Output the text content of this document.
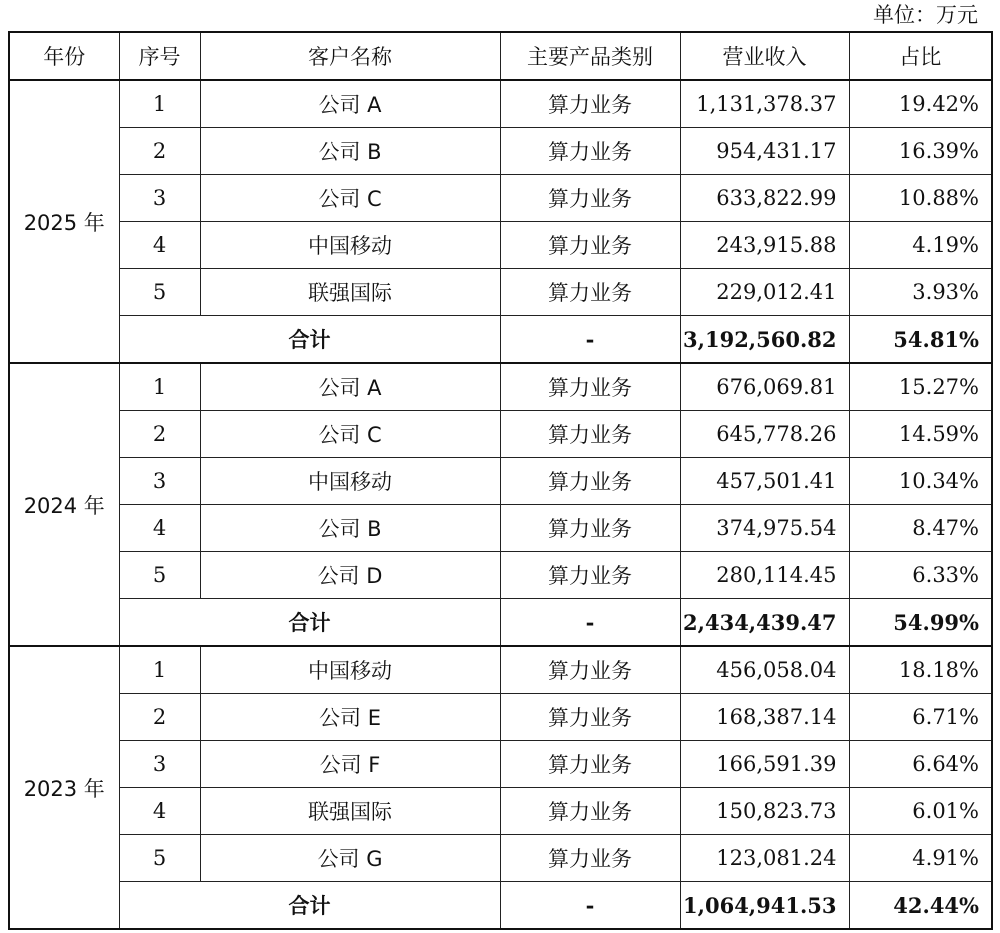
单位：万元
年份	序号	客户名称	主要产品类别	营业收入	占比
2025 年	1	公司 A	算力业务	1,131,378.37	19.42%
	2	公司 B	算力业务	954,431.17	16.39%
	3	公司 C	算力业务	633,822.99	10.88%
	4	中国移动	算力业务	243,915.88	4.19%
	5	联强国际	算力业务	229,012.41	3.93%
	合计		-	3,192,560.82	54.81%
2024 年	1	公司 A	算力业务	676,069.81	15.27%
	2	公司 C	算力业务	645,778.26	14.59%
	3	中国移动	算力业务	457,501.41	10.34%
	4	公司 B	算力业务	374,975.54	8.47%
	5	公司 D	算力业务	280,114.45	6.33%
	合计		-	2,434,439.47	54.99%
2023 年	1	中国移动	算力业务	456,058.04	18.18%
	2	公司 E	算力业务	168,387.14	6.71%
	3	公司 F	算力业务	166,591.39	6.64%
	4	联强国际	算力业务	150,823.73	6.01%
	5	公司 G	算力业务	123,081.24	4.91%
	合计		-	1,064,941.53	42.44%
